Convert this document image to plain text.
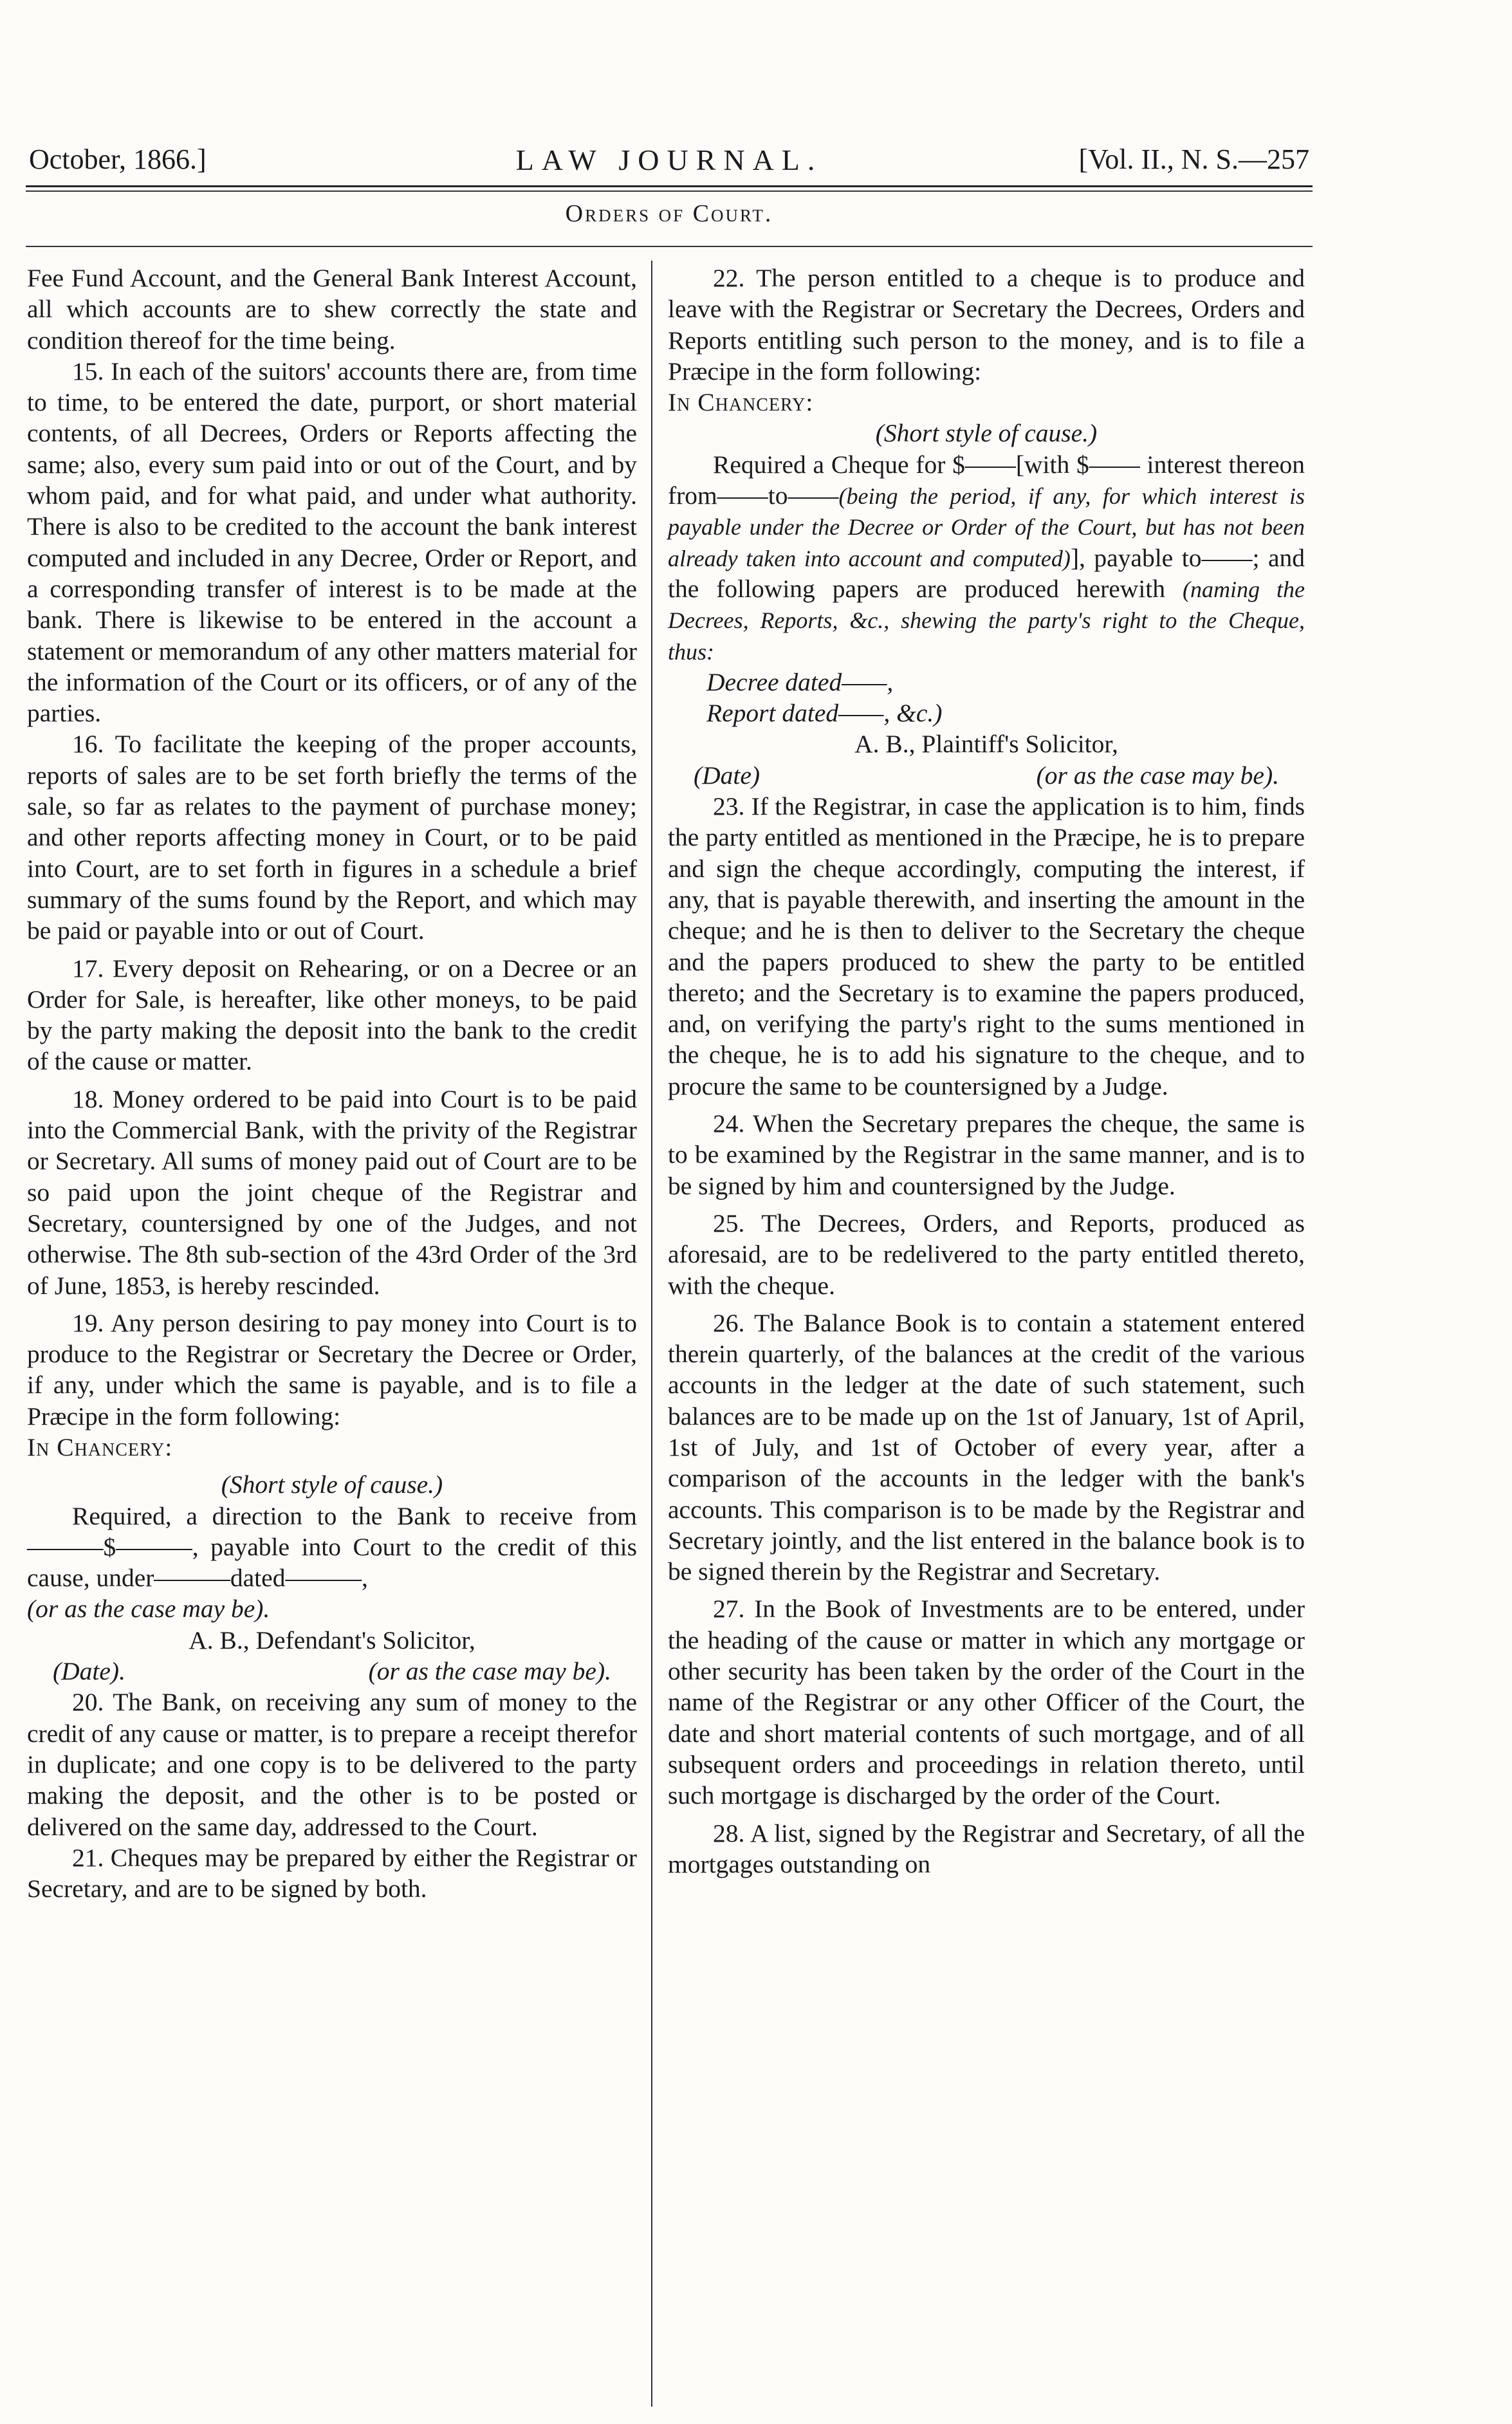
LAW JOURNAL.
October, 1866.]	[Vol. II., N. S.—257
Orders of Court.

Fee Fund Account, and the General Bank Interest Account, all which accounts are to shew correctly the state and condition thereof for the time being.

15. In each of the suitors' accounts there are, from time to time, to be entered the date, purport, or short material contents, of all Decrees, Orders or Reports affecting the same; also, every sum paid into or out of the Court, and by whom paid, and for what paid, and under what authority. There is also to be credited to the account the bank interest computed and included in any Decree, Order or Report, and a corresponding transfer of interest is to be made at the bank. There is likewise to be entered in the account a statement or memorandum of any other matters material for the information of the Court or its officers, or of any of the parties.

16. To facilitate the keeping of the proper accounts, reports of sales are to be set forth briefly the terms of the sale, so far as relates to the payment of purchase money; and other reports affecting money in Court, or to be paid into Court, are to set forth in figures in a schedule a brief summary of the sums found by the Report, and which may be paid or payable into or out of Court.

17. Every deposit on Rehearing, or on a Decree or an Order for Sale, is hereafter, like other moneys, to be paid by the party making the deposit into the bank to the credit of the cause or matter.

18. Money ordered to be paid into Court is to be paid into the Commercial Bank, with the privity of the Registrar or Secretary. All sums of money paid out of Court are to be so paid upon the joint cheque of the Registrar and Secretary, countersigned by one of the Judges, and not otherwise. The 8th sub-section of the 43rd Order of the 3rd of June, 1853, is hereby rescinded.

19. Any person desiring to pay money into Court is to produce to the Registrar or Secretary the Decree or Order, if any, under which the same is payable, and is to file a Præcipe in the form following:

In Chancery:

(Short style of cause.)

Required, a direction to the Bank to receive from———$———, payable into Court to the credit of this cause, under———dated———,

(or as the case may be).

A. B., Defendant's Solicitor,

(Date).	(or as the case may be).

20. The Bank, on receiving any sum of money to the credit of any cause or matter, is to prepare a receipt therefor in duplicate; and one copy is to be delivered to the party making the deposit, and the other is to be posted or delivered on the same day, addressed to the Court.

21. Cheques may be prepared by either the Registrar or Secretary, and are to be signed by both.

22. The person entitled to a cheque is to produce and leave with the Registrar or Secretary the Decrees, Orders and Reports entitling such person to the money, and is to file a Præcipe in the form following:

In Chancery:

(Short style of cause.)

Required a Cheque for $——[with $—— interest thereon from——to——(being the period, if any, for which interest is payable under the Decree or Order of the Court, but has not been already taken into account and computed)], payable to——; and the following papers are produced herewith (naming the Decrees, Reports, &c., shewing the party's right to the Cheque, thus:

Decree dated——,

Report dated——, &c.)

A. B., Plaintiff's Solicitor,

(Date)	(or as the case may be).

23. If the Registrar, in case the application is to him, finds the party entitled as mentioned in the Præcipe, he is to prepare and sign the cheque accordingly, computing the interest, if any, that is payable therewith, and inserting the amount in the cheque; and he is then to deliver to the Secretary the cheque and the papers produced to shew the party to be entitled thereto; and the Secretary is to examine the papers produced, and, on verifying the party's right to the sums mentioned in the cheque, he is to add his signature to the cheque, and to procure the same to be countersigned by a Judge.

24. When the Secretary prepares the cheque, the same is to be examined by the Registrar in the same manner, and is to be signed by him and countersigned by the Judge.

25. The Decrees, Orders, and Reports, produced as aforesaid, are to be redelivered to the party entitled thereto, with the cheque.

26. The Balance Book is to contain a statement entered therein quarterly, of the balances at the credit of the various accounts in the ledger at the date of such statement, such balances are to be made up on the 1st of January, 1st of April, 1st of July, and 1st of October of every year, after a comparison of the accounts in the ledger with the bank's accounts. This comparison is to be made by the Registrar and Secretary jointly, and the list entered in the balance book is to be signed therein by the Registrar and Secretary.

27. In the Book of Investments are to be entered, under the heading of the cause or matter in which any mortgage or other security has been taken by the order of the Court in the name of the Registrar or any other Officer of the Court, the date and short material contents of such mortgage, and of all subsequent orders and proceedings in relation thereto, until such mortgage is discharged by the order of the Court.

28. A list, signed by the Registrar and Secretary, of all the mortgages outstanding on
